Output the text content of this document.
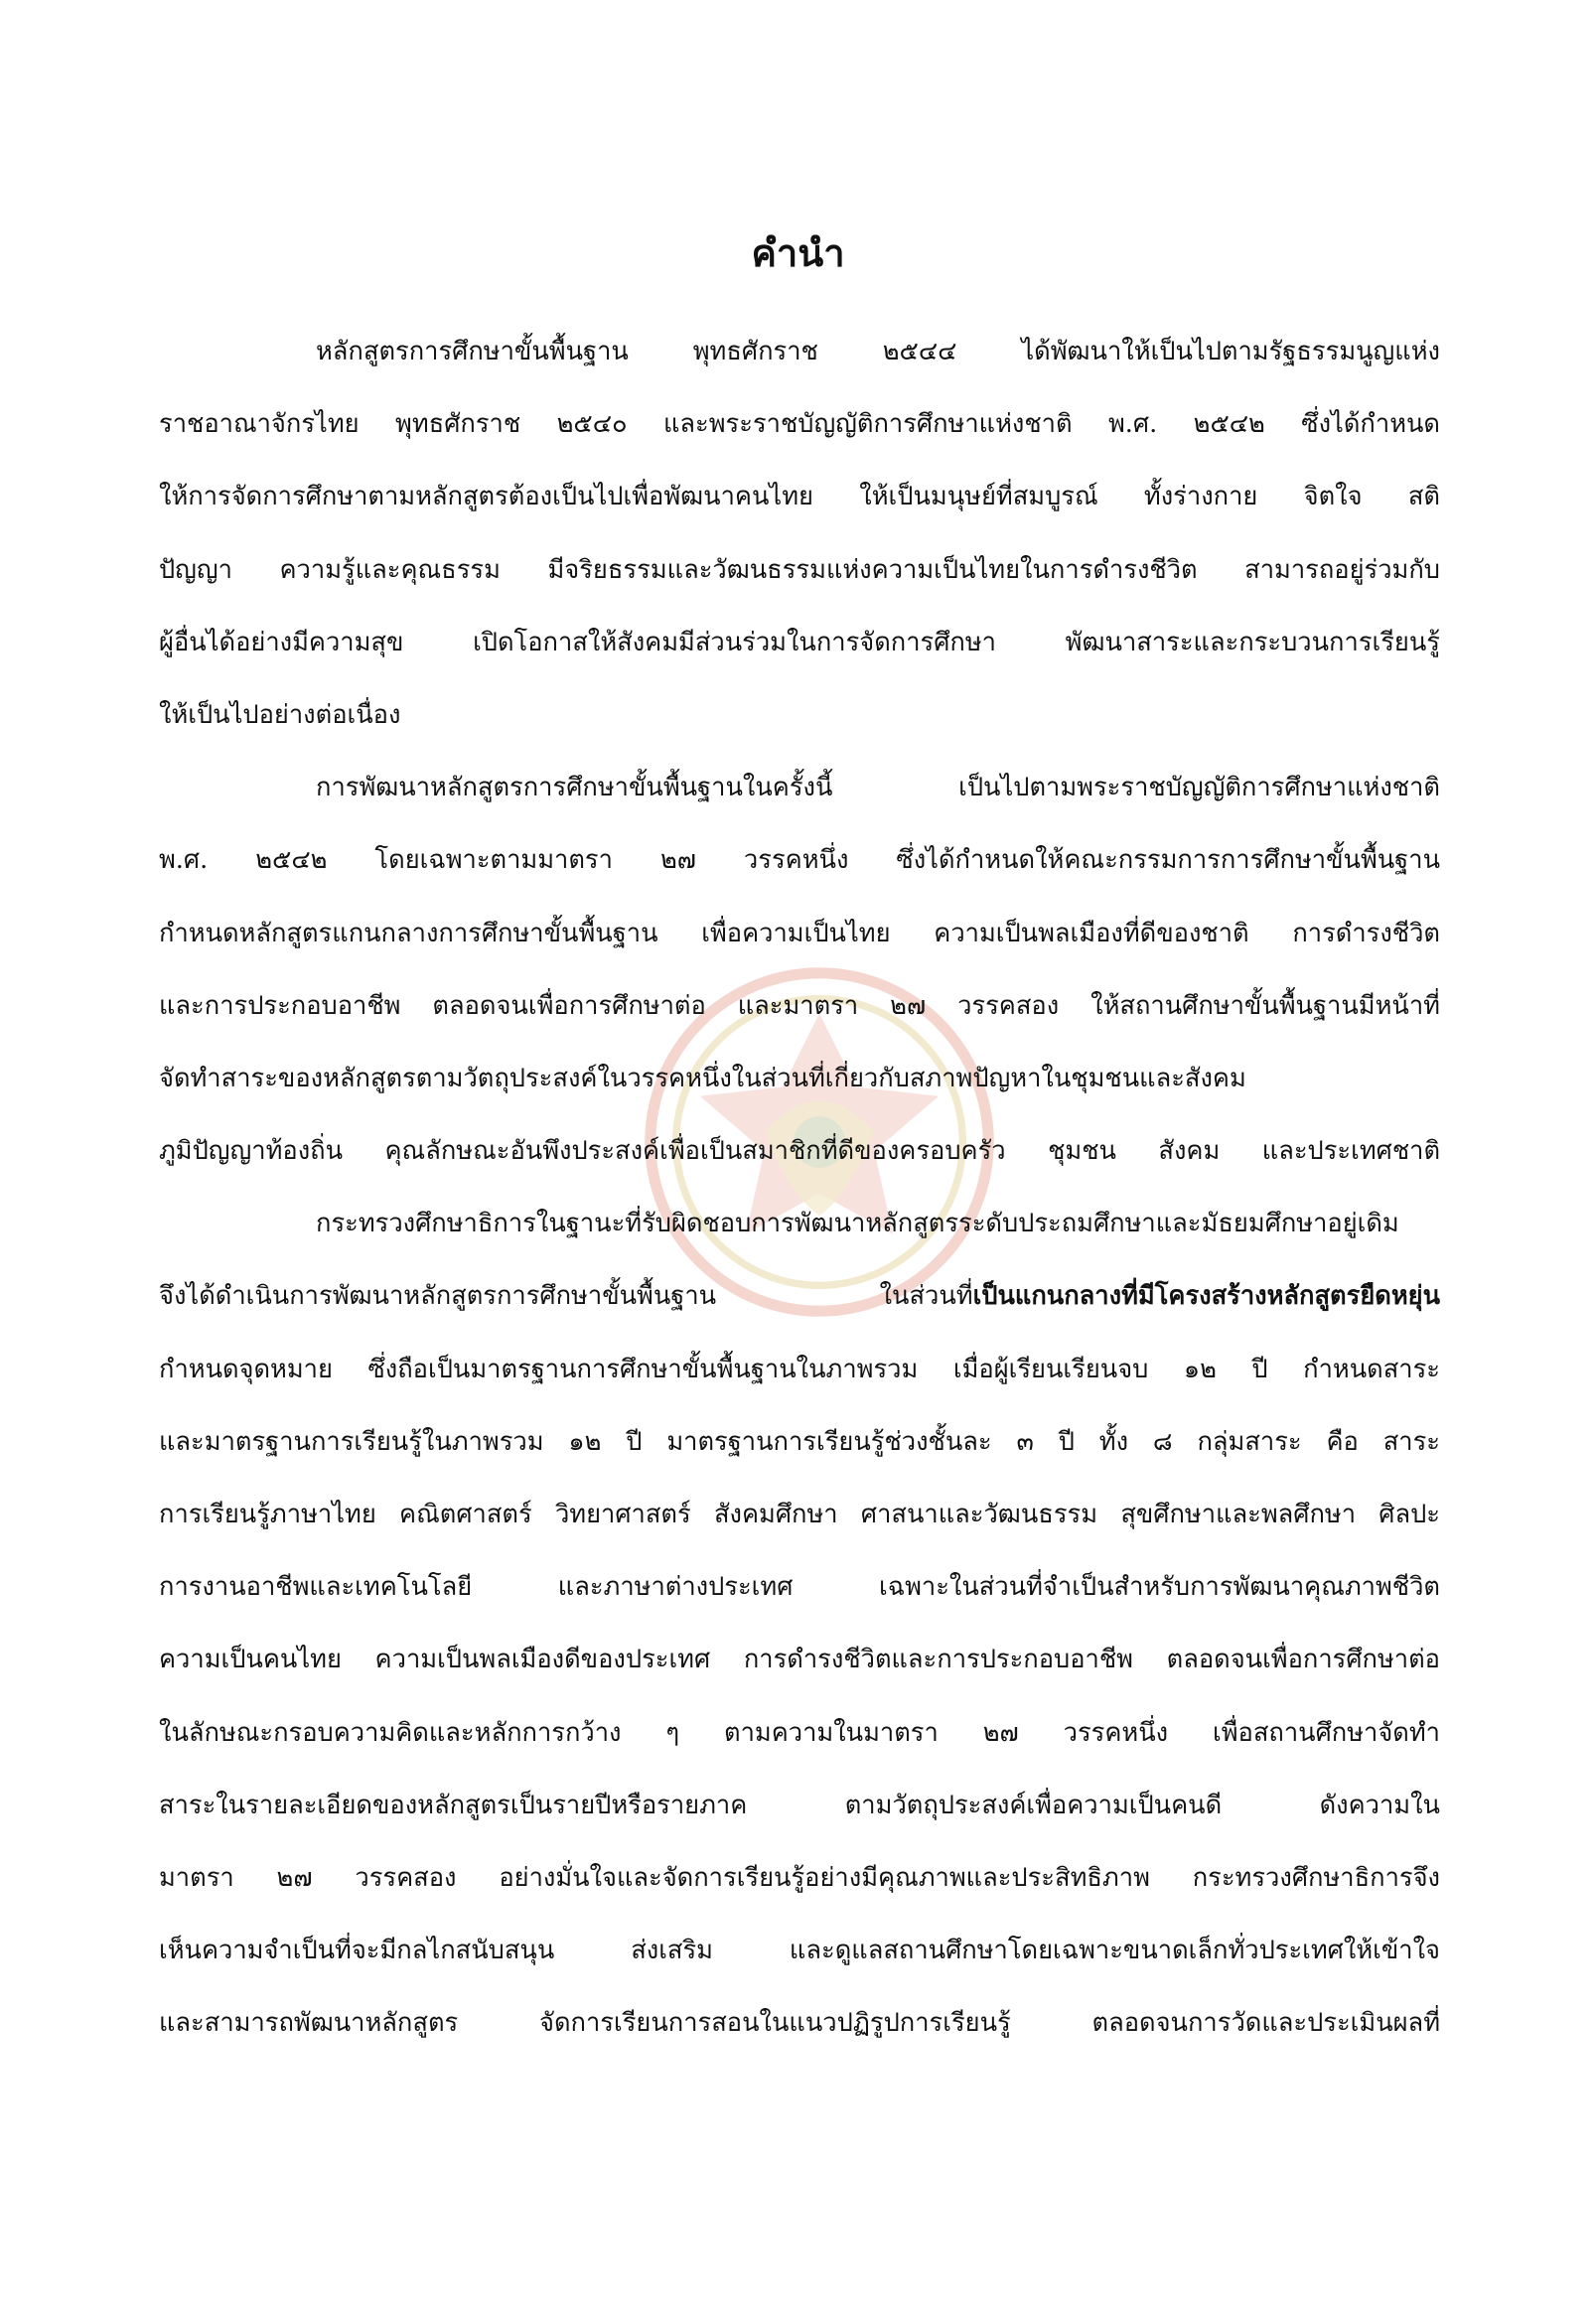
คำนำ
หลักสูตรการศึกษาขั้นพื้นฐาน พุทธศักราช ๒๕๔๔ ได้พัฒนาให้เป็นไปตามรัฐธรรมนูญแห่ง
ราชอาณาจักรไทย พุทธศักราช ๒๕๔๐ และพระราชบัญญัติการศึกษาแห่งชาติ พ.ศ. ๒๕๔๒ ซึ่งได้กำหนด
ให้การจัดการศึกษาตามหลักสูตรต้องเป็นไปเพื่อพัฒนาคนไทย ให้เป็นมนุษย์ที่สมบูรณ์ ทั้งร่างกาย จิตใจ สติ
ปัญญา ความรู้และคุณธรรม มีจริยธรรมและวัฒนธรรมแห่งความเป็นไทยในการดำรงชีวิต สามารถอยู่ร่วมกับ
ผู้อื่นได้อย่างมีความสุข เปิดโอกาสให้สังคมมีส่วนร่วมในการจัดการศึกษา พัฒนาสาระและกระบวนการเรียนรู้
ให้เป็นไปอย่างต่อเนื่อง
การพัฒนาหลักสูตรการศึกษาขั้นพื้นฐานในครั้งนี้ เป็นไปตามพระราชบัญญัติการศึกษาแห่งชาติ
พ.ศ. ๒๕๔๒ โดยเฉพาะตามมาตรา ๒๗ วรรคหนึ่ง ซึ่งได้กำหนดให้คณะกรรมการการศึกษาขั้นพื้นฐาน
กำหนดหลักสูตรแกนกลางการศึกษาขั้นพื้นฐาน เพื่อความเป็นไทย ความเป็นพลเมืองที่ดีของชาติ การดำรงชีวิต
และการประกอบอาชีพ ตลอดจนเพื่อการศึกษาต่อ และมาตรา ๒๗ วรรคสอง ให้สถานศึกษาขั้นพื้นฐานมีหน้าที่
จัดทำสาระของหลักสูตรตามวัตถุประสงค์ในวรรคหนึ่งในส่วนที่เกี่ยวกับสภาพปัญหาในชุมชนและสังคม
ภูมิปัญญาท้องถิ่น คุณลักษณะอันพึงประสงค์เพื่อเป็นสมาชิกที่ดีของครอบครัว ชุมชน สังคม และประเทศชาติ
กระทรวงศึกษาธิการในฐานะที่รับผิดชอบการพัฒนาหลักสูตรระดับประถมศึกษาและมัธยมศึกษาอยู่เดิม
จึงได้ดำเนินการพัฒนาหลักสูตรการศึกษาขั้นพื้นฐาน ในส่วนที่เป็นแกนกลางที่มีโครงสร้างหลักสูตรยืดหยุ่น
กำหนดจุดหมาย ซึ่งถือเป็นมาตรฐานการศึกษาขั้นพื้นฐานในภาพรวม เมื่อผู้เรียนเรียนจบ ๑๒ ปี กำหนดสาระ
และมาตรฐานการเรียนรู้ในภาพรวม ๑๒ ปี มาตรฐานการเรียนรู้ช่วงชั้นละ ๓ ปี ทั้ง ๘ กลุ่มสาระ คือ สาระ
การเรียนรู้ภาษาไทย คณิตศาสตร์ วิทยาศาสตร์ สังคมศึกษา ศาสนาและวัฒนธรรม สุขศึกษาและพลศึกษา ศิลปะ
การงานอาชีพและเทคโนโลยี และภาษาต่างประเทศ เฉพาะในส่วนที่จำเป็นสำหรับการพัฒนาคุณภาพชีวิต
ความเป็นคนไทย ความเป็นพลเมืองดีของประเทศ การดำรงชีวิตและการประกอบอาชีพ ตลอดจนเพื่อการศึกษาต่อ
ในลักษณะกรอบความคิดและหลักการกว้าง ๆ ตามความในมาตรา ๒๗ วรรคหนึ่ง เพื่อสถานศึกษาจัดทำ
สาระในรายละเอียดของหลักสูตรเป็นรายปีหรือรายภาค ตามวัตถุประสงค์เพื่อความเป็นคนดี ดังความใน
มาตรา ๒๗ วรรคสอง อย่างมั่นใจและจัดการเรียนรู้อย่างมีคุณภาพและประสิทธิภาพ กระทรวงศึกษาธิการจึง
เห็นความจำเป็นที่จะมีกลไกสนับสนุน ส่งเสริม และดูแลสถานศึกษาโดยเฉพาะขนาดเล็กทั่วประเทศให้เข้าใจ
และสามารถพัฒนาหลักสูตร จัดการเรียนการสอนในแนวปฏิรูปการเรียนรู้ ตลอดจนการวัดและประเมินผลที่
